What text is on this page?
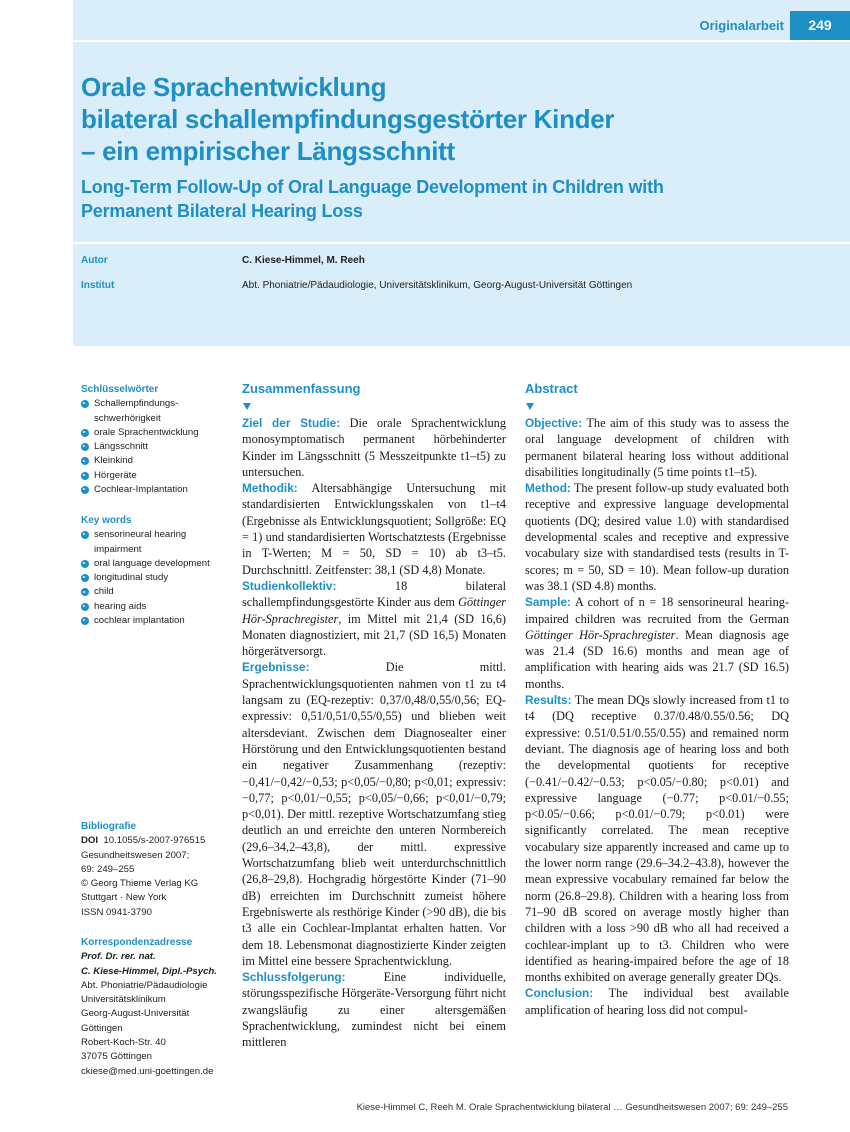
Originalarbeit	249
Orale Sprachentwicklung
bilateral schallempfindungsgestörter Kinder
– ein empirischer Längsschnitt
Long-Term Follow-Up of Oral Language Development in Children with
Permanent Bilateral Hearing Loss
Autor	C. Kiese-Himmel, M. Reeh
Institut	Abt. Phoniatrie/Pädaudiologie, Universitätsklinikum, Georg-August-Universität Göttingen
Schlüsselwörter
Schallempfindungs-
schwerhörigkeit
orale Sprachentwicklung
Längsschnitt
Kleinkind
Hörgeräte
Cochlear-Implantation
Key words
sensorineural hearing
impairment
oral language development
longitudinal study
child
hearing aids
cochlear implantation
Bibliografie
DOI 10.1055/s-2007-976515
Gesundheitswesen 2007;
69: 249–255
© Georg Thieme Verlag KG
Stuttgart · New York
ISSN 0941-3790
Korrespondenzadresse
Prof. Dr. rer. nat.
C. Kiese-Himmel, Dipl.-Psych.
Abt. Phoniatrie/Pädaudiologie
Universitätsklinikum
Georg-August-Universität
Göttingen
Robert-Koch-Str. 40
37075 Göttingen
ckiese@med.uni-goettingen.de
Zusammenfassung

Ziel der Studie: Die orale Sprachentwicklung monosymptomatisch permanent hörbehinderter Kinder im Längsschnitt (5 Messzeitpunkte t1–t5) zu untersuchen.

Methodik: Altersabhängige Untersuchung mit standardisierten Entwicklungsskalen von t1–t4 (Ergebnisse als Entwicklungsquotient; Sollgröße: EQ = 1) und standardisierten Wortschatztests (Ergebnisse in T-Werten; M = 50, SD = 10) ab t3–t5. Durchschnittl. Zeitfenster: 38,1 (SD 4,8) Monate.

Studienkollektiv:	18 bilateral schallempfindungsgestörte Kinder aus dem Göttinger Hör-Sprachregister, im Mittel mit 21,4 (SD 16,6) Monaten diagnostiziert, mit 21,7 (SD 16,5) Monaten hörgerätversorgt.

Ergebnisse:	Die mittl. Sprachentwicklungsquotienten nahmen von t1 zu t4 langsam zu (EQ-rezeptiv: 0,37/0,48/0,55/0,56; EQ-expressiv: 0,51/0,51/0,55/0,55) und blieben weit altersdeviant. Zwischen dem Diagnosealter einer Hörstörung und den Entwicklungsquotienten bestand ein negativer Zusammenhang (rezeptiv: −0,41/−0,42/−0,53; p<0,05/−0,80; p<0,01; expressiv: −0,77; p<0,01/−0,55; p<0,05/−0,66; p<0,01/−0,79; p<0,01). Der mittl. rezeptive Wortschatzumfang stieg deutlich an und erreichte den unteren Normbereich (29,6–34,2–43,8), der mittl. expressive Wortschatzumfang blieb weit unterdurchschnittlich (26,8–29,8). Hochgradig hörgestörte Kinder (71–90 dB) erreichten im Durchschnitt zumeist höhere Ergebniswerte als resthörige Kinder (>90 dB), die bis t3 alle ein Cochlear-Implantat erhalten hatten. Vor dem 18. Lebensmonat diagnostizierte Kinder zeigten im Mittel eine bessere Sprachentwicklung.

Schlussfolgerung:	Eine individuelle, störungsspezifische Hörgeräte-Versorgung führt nicht zwangsläufig zu einer altersgemäßen Sprachentwicklung, zumindest nicht bei einem mittleren

Abstract

Objective: The aim of this study was to assess the oral language development of children with permanent bilateral hearing loss without additional disabilities longitudinally (5 time points t1–t5).

Method: The present follow-up study evaluated both receptive and expressive language developmental quotients (DQ; desired value 1.0) with standardised developmental scales and receptive and expressive vocabulary size with standardised tests (results in T-scores; m = 50, SD = 10). Mean follow-up duration was 38.1 (SD 4.8) months.

Sample: A cohort of n = 18 sensorineural hearing-impaired children was recruited from the German Göttinger Hör-Sprachregister. Mean diagnosis age was 21.4 (SD 16.6) months and mean age of amplification with hearing aids was 21.7 (SD 16.5) months.

Results: The mean DQs slowly increased from t1 to t4 (DQ receptive 0.37/0.48/0.55/0.56; DQ expressive: 0.51/0.51/0.55/0.55) and remained norm deviant. The diagnosis age of hearing loss and both the developmental quotients for receptive (−0.41/−0.42/−0.53; p<0.05/−0.80; p<0.01) and expressive language (−0.77; p<0.01/−0.55; p<0.05/−0.66; p<0.01/−0.79; p<0.01) were significantly correlated. The mean receptive vocabulary size apparently increased and came up to the lower norm range (29.6–34.2–43.8), however the mean expressive vocabulary remained far below the norm (26.8–29.8). Children with a hearing loss from 71–90 dB scored on average mostly higher than children with a loss >90 dB who all had received a cochlear-implant up to t3. Children who were identified as hearing-impaired before the age of 18 months exhibited on average generally greater DQs.

Conclusion: The individual best available amplification of hearing loss did not compul-

Kiese-Himmel C, Reeh M. Orale Sprachentwicklung bilateral … Gesundheitswesen 2007; 69: 249–255
